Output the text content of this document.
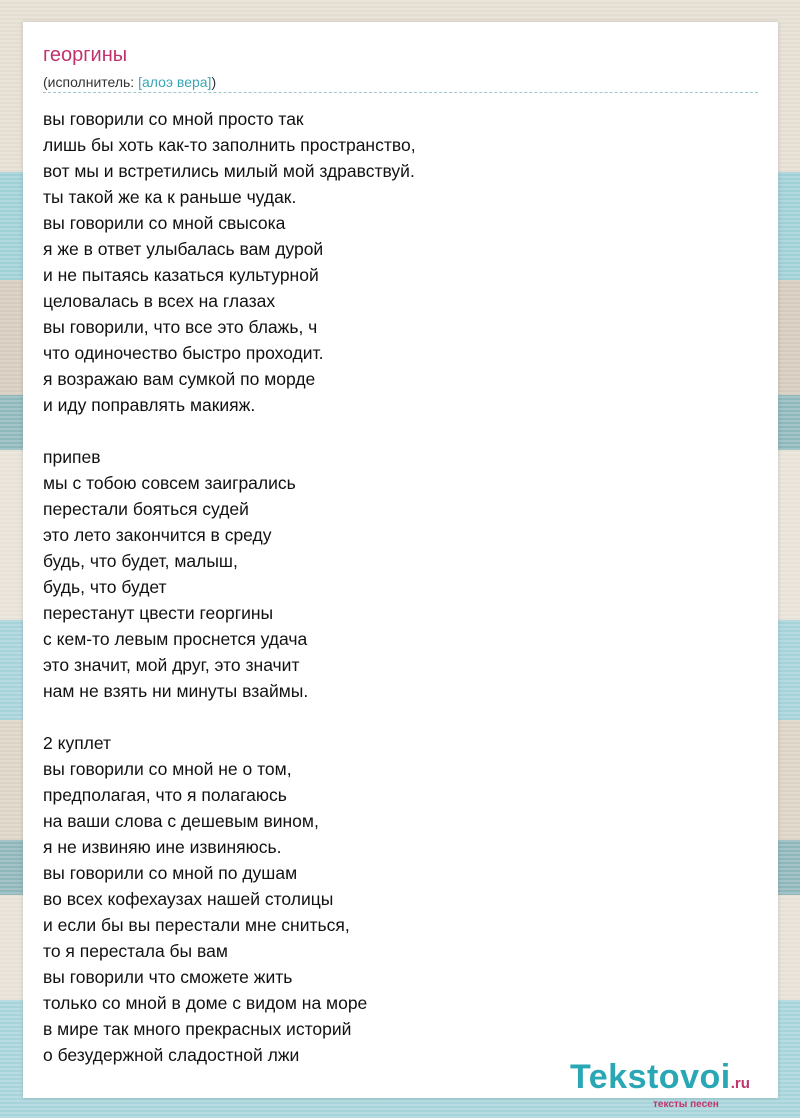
георгины
(исполнитель: [алоэ вера])
вы говорили со мной просто так
лишь бы хоть как-то заполнить пространство,
вот мы и встретились милый мой здравствуй.
ты такой же ка к раньше чудак.
вы говорили со мной свысока
я же в ответ улыбалась вам дурой
и не пытаясь казаться культурной
целовалась в всех на глазах
вы говорили, что все это блажь, ч
что одиночество быстро проходит.
я возражаю вам сумкой по морде
и иду поправлять макияж.
припев
мы с тобою совсем заигрались
перестали бояться судей
это лето закончится в среду
будь, что будет, малыш,
будь, что будет
перестанут цвести георгины
с кем-то левым проснется удача
это значит, мой друг, это значит
нам не взять ни минуты взаймы.
2 куплет
вы говорили со мной не о том,
предполагая, что я полагаюсь
на ваши слова с дешевым вином,
я не извиняю ине извиняюсь.
вы говорили со мной по душам
во всех кофехаузах нашей столицы
и если бы вы перестали мне сниться,
то я перестала бы вам
вы говорили что сможете жить
только со мной в доме с видом на море
в мире так много прекрасных историй
о безудержной сладостной лжи
Tekstovoi.ru
тексты песен
